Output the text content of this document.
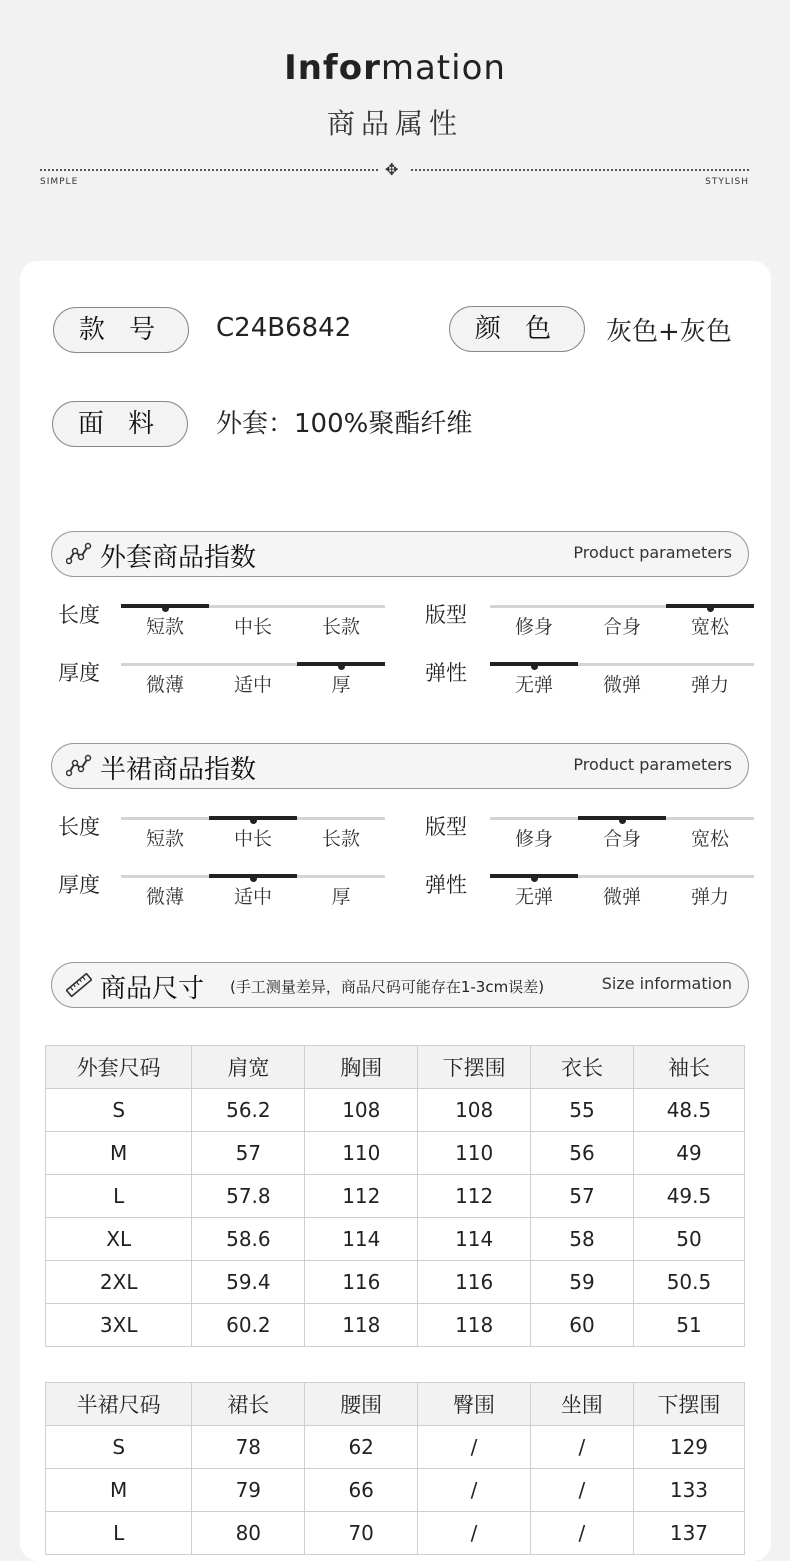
Information
商品属性
✥
SIMPLE	STYLISH
款 号	C24B6842	颜 色	灰色+灰色
面 料	外套：100%聚酯纤维
外套商品指数	Product parameters
长度	短款	中长	长款	版型	修身	合身	宽松
厚度	微薄	适中	厚	弹性	无弹	微弹	弹力
半裙商品指数	Product parameters
长度	短款	中长	长款	版型	修身	合身	宽松
厚度	微薄	适中	厚	弹性	无弹	微弹	弹力
商品尺寸 (手工测量差异，商品尺码可能存在1-3cm误差)	Size information
外套尺码	肩宽	胸围	下摆围	衣长	袖长
S	56.2	108	108	55	48.5
M	57	110	110	56	49
L	57.8	112	112	57	49.5
XL	58.6	114	114	58	50
2XL	59.4	116	116	59	50.5
3XL	60.2	118	118	60	51
半裙尺码	裙长	腰围	臀围	坐围	下摆围
S	78	62	/	/	129
M	79	66	/	/	133
L	80	70	/	/	137
